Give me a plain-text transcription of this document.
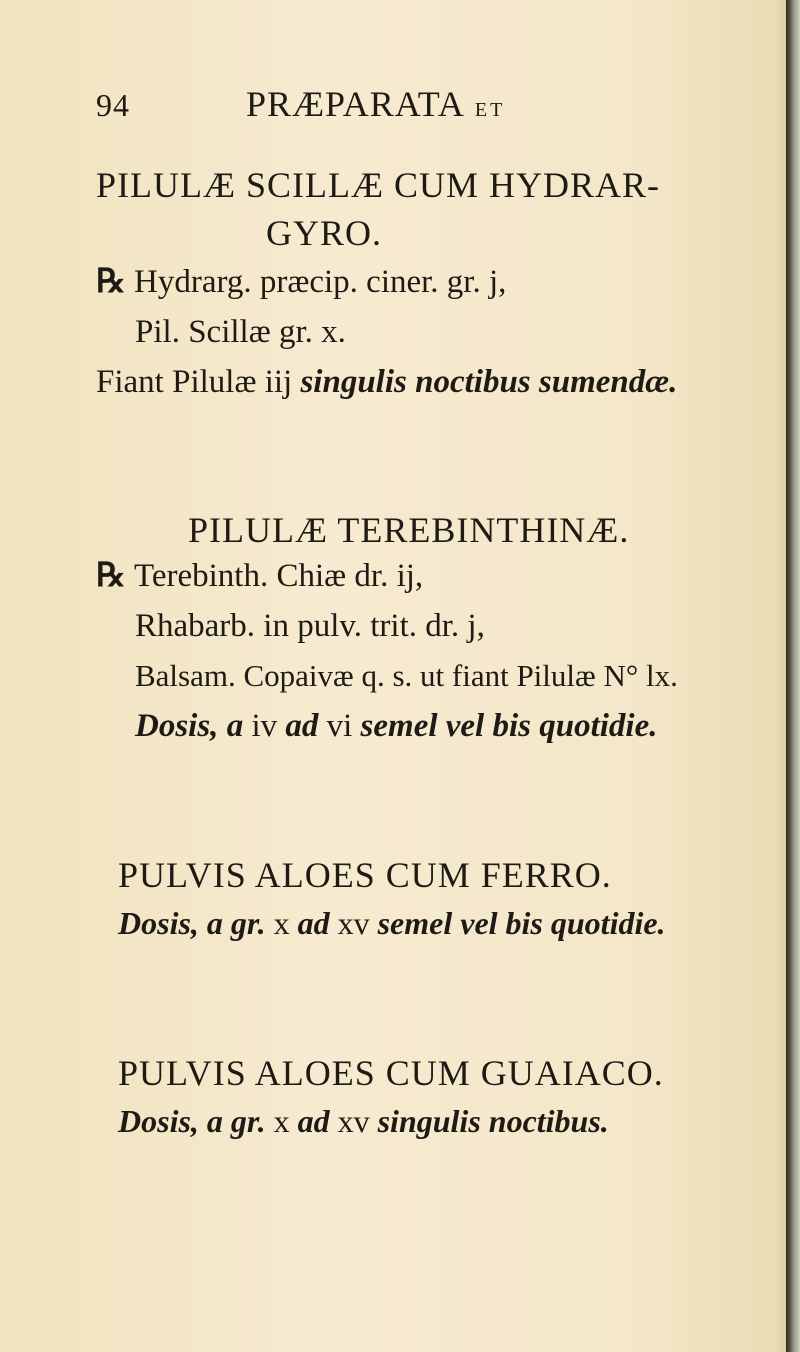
94	PRÆPARATA ET
PILULÆ SCILLÆ CUM HYDRAR-
GYRO.
℞ Hydrarg. præcip. ciner. gr. j,
Pil. Scillæ gr. x.
Fiant Pilulæ iij singulis noctibus sumendæ.
PILULÆ TEREBINTHINÆ.
℞ Terebinth. Chiæ dr. ij,
Rhabarb. in pulv. trit. dr. j,
Balsam. Copaivæ q. s. ut fiant Pilulæ N° lx.
Dosis, a iv ad vi semel vel bis quotidie.
PULVIS ALOES CUM FERRO.
Dosis, a gr. x ad xv semel vel bis quotidie.
PULVIS ALOES CUM GUAIACO.
Dosis, a gr. x ad xv singulis noctibus.
